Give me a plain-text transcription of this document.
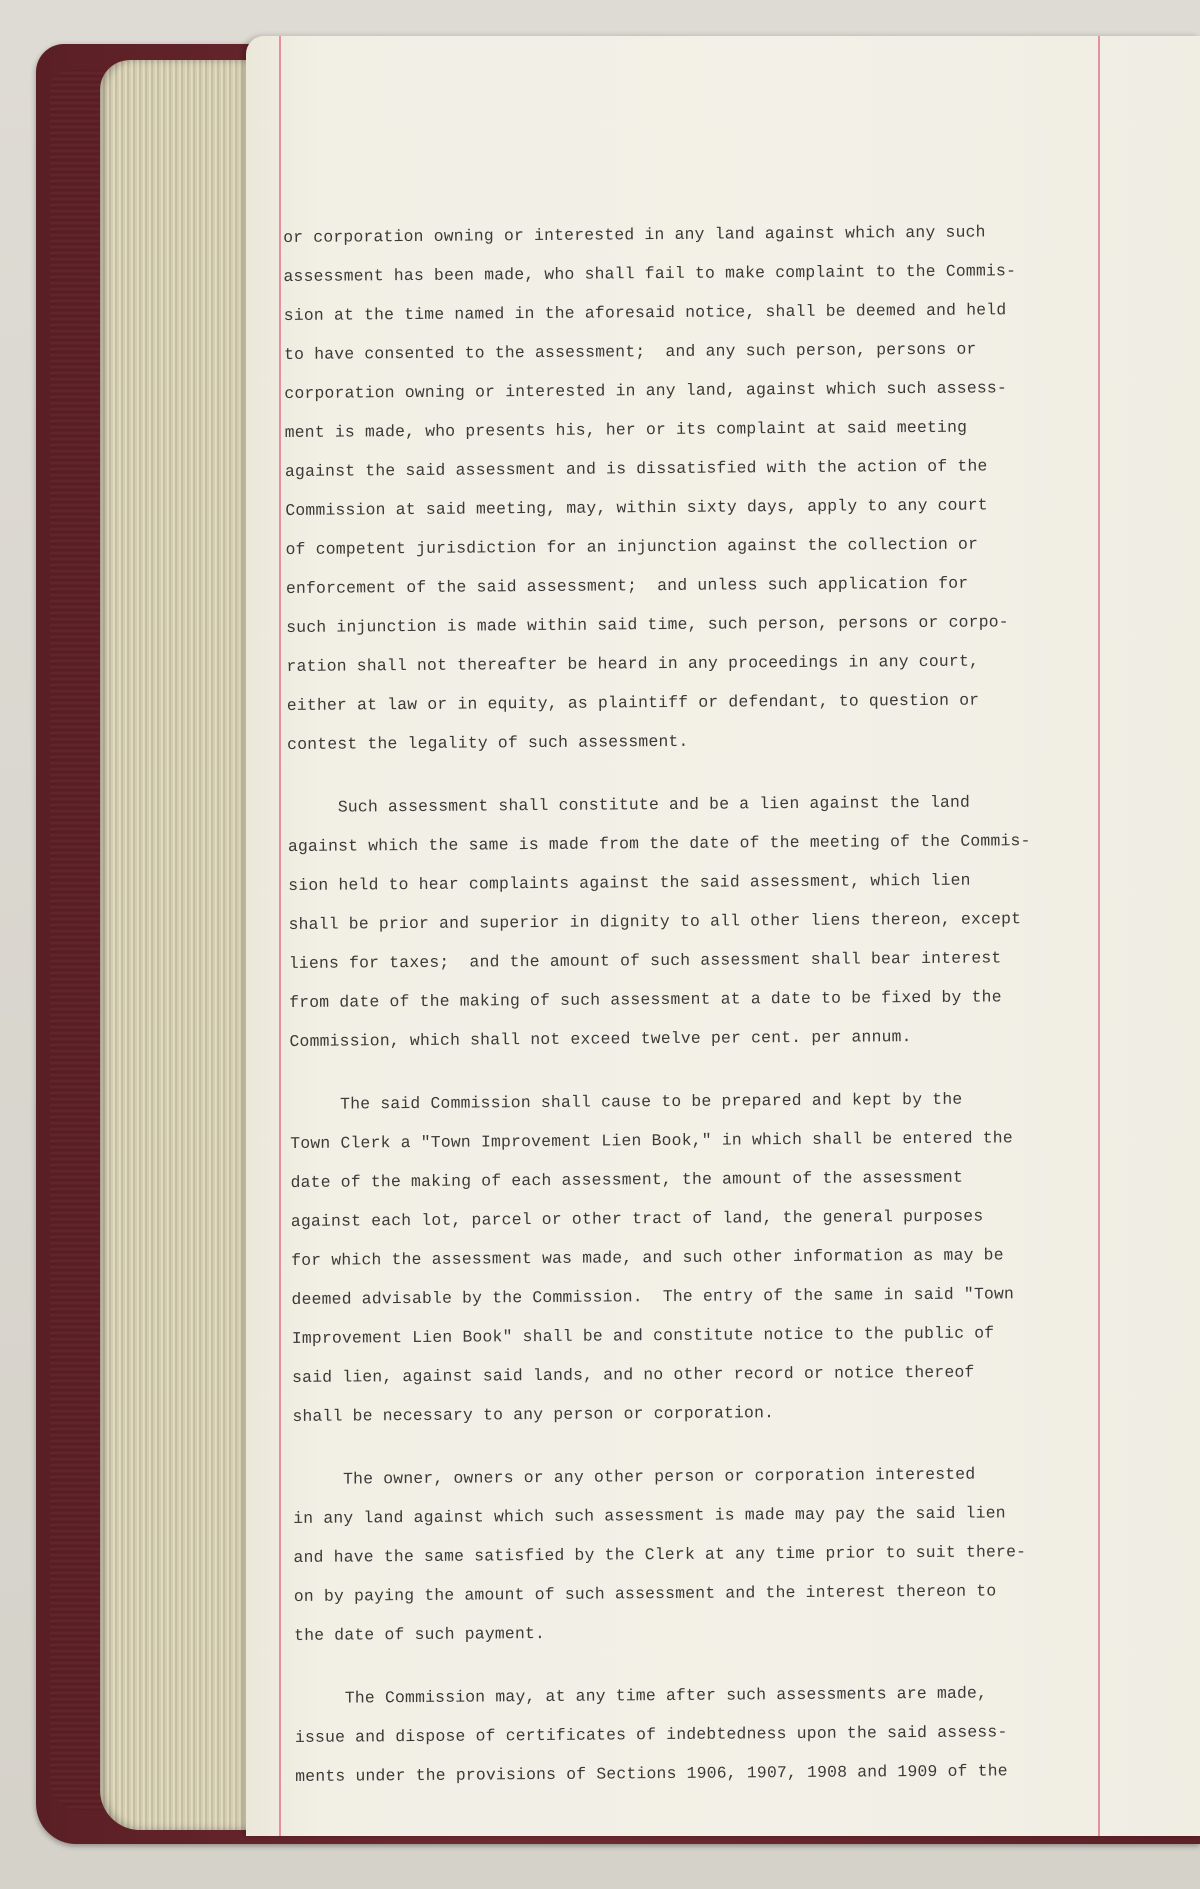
or corporation owning or interested in any land against which any such
assessment has been made, who shall fail to make complaint to the Commis-
sion at the time named in the aforesaid notice, shall be deemed and held
to have consented to the assessment;  and any such person, persons or
corporation owning or interested in any land, against which such assess-
ment is made, who presents his, her or its complaint at said meeting
against the said assessment and is dissatisfied with the action of the
Commission at said meeting, may, within sixty days, apply to any court
of competent jurisdiction for an injunction against the collection or
enforcement of the said assessment;  and unless such application for
such injunction is made within said time, such person, persons or corpo-
ration shall not thereafter be heard in any proceedings in any court,
either at law or in equity, as plaintiff or defendant, to question or
contest the legality of such assessment.
Such assessment shall constitute and be a lien against the land
against which the same is made from the date of the meeting of the Commis-
sion held to hear complaints against the said assessment, which lien
shall be prior and superior in dignity to all other liens thereon, except
liens for taxes;  and the amount of such assessment shall bear interest
from date of the making of such assessment at a date to be fixed by the
Commission, which shall not exceed twelve per cent. per annum.
The said Commission shall cause to be prepared and kept by the
Town Clerk a "Town Improvement Lien Book," in which shall be entered the
date of the making of each assessment, the amount of the assessment
against each lot, parcel or other tract of land, the general purposes
for which the assessment was made, and such other information as may be
deemed advisable by the Commission.  The entry of the same in said "Town
Improvement Lien Book" shall be and constitute notice to the public of
said lien, against said lands, and no other record or notice thereof
shall be necessary to any person or corporation.
The owner, owners or any other person or corporation interested
in any land against which such assessment is made may pay the said lien
and have the same satisfied by the Clerk at any time prior to suit there-
on by paying the amount of such assessment and the interest thereon to
the date of such payment.
The Commission may, at any time after such assessments are made,
issue and dispose of certificates of indebtedness upon the said assess-
ments under the provisions of Sections 1906, 1907, 1908 and 1909 of the
